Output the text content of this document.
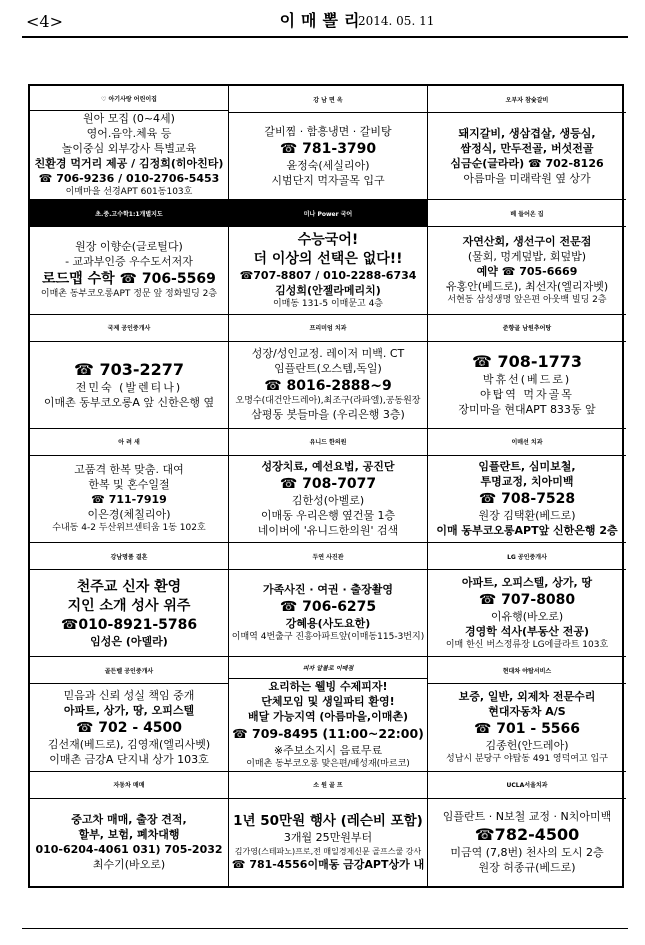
<4>	이매뽈리
2014. 05. 11
♡ 아기사랑 어린이집
원아 모집 (0~4세)
영어.음악.체육 등
놀이중심 외부강사 특별교육
친환경 먹거리 제공 / 김정희(히아친타)
☎ 706-9236 / 010-2706-5453
이매마을 선경APT 601동103호
강 남 면 옥
갈비찜 · 함흥냉면 · 갈비탕
☎ 781-3790
윤정숙(세실리아)
시범단지 먹자골목 입구
오부자 참숯갈비
돼지갈비, 생삼겹살, 생등심,
쌈정식, 만두전골, 버섯전골
심금순(글라라) ☎ 702-8126
아름마을 미래락원 옆 상가
초.중.고수학1:1개별지도
원장 이향순(글로틸다)
- 교과부인증 우수도서저자
로드맵 수학 ☎ 706-5569
이매촌 동부코오롱APT 정문 앞 정화빌딩 2층
미나 Power 국어
수능국어!
더 이상의 선택은 없다!!
☎707-8807 / 010-2288-6734
김성희(안젤라메리치)
이매동 131-5 이매문고 4층
베 들어온 집
자연산회, 생선구이 전문점
(물회, 멍게덮밥, 회덮밥)
예약 ☎ 705-6669
유홍안(베드로), 최선자(엘리자벳)
서현동 삼성생명 앞은편 아웃백 빌딩 2층
국제 공인중개사
☎ 703-2277
전민숙 (발렌티나)
이매촌 동부코오롱A 앞 신한은행 옆
프리미엄 치과
성장/성인교정. 레이저 미백. CT
임플란트(오스템,독일)
☎ 8016-2888~9
오명수(대건안드레아),최조구(라파엘),공동원장
삼평동 봇들마을 (우리은행 3층)
준향골 남원추어탕
☎ 708-1773
박휴선(베드로)
야탑역 먹자골목
장미마을 현대APT 833동 앞
아 려 새
고품격 한복 맞춤. 대여
한복 및 혼수일절
☎ 711-7919
이은경(체칠리아)
수내동 4-2 두산위브센티움 1동 102호
유니드 한의원
성장치료, 예선요법, 공진단
☎ 708-7077
김한성(아벨로)
이매동 우리은행 옆건물 1층
네이버에 '유니드한의원' 검색
이매선 치과
임플란트, 심미보철,
투명교정, 치아미백
☎ 708-7528
원장 김택환(베드로)
이매 동부코오롱APT앞 신한은행 2층
강남명품 결혼
천주교 신자 환영
지인 소개 성사 위주
☎010-8921-5786
임성은 (아델라)
두연 사진관
가족사진 · 여권 · 출장촬영
☎ 706-6275
강혜용(사도요한)
이매역 4번출구 진흥아파트앞(이매동115-3번지)
LG 공인중개사
아파트, 오피스텔, 상가, 땅
☎ 707-8080
이유행(바오로)
경영학 석사(부동산 전공)
이매 한신 버스정류장 LG에클라트 103호
골든벨 공인중개사
믿음과 신뢰 성실 책임 중개
아파트, 상가, 땅, 오피스텔
☎ 702 - 4500
김선재(베드로), 김영재(엘리사벳)
이매촌 금강A 단지내 상가 103호
피자 알볼로 이매점
요리하는 웰빙 수제피자!
단체모임 및 생일파티 환영!
배달 가능지역 (아름마을,이매촌)
☎ 709-8495 (11:00~22:00)
※주보소지시 음료무료
이매촌 동부코오롱 맞은편/배성재(마르코)
현대차 야탑서비스
보증, 일반, 외제차 전문수리
현대자동차 A/S
☎ 701 - 5566
김종헌(안드레아)
성남시 분당구 야탑동 491 영덕여고 입구
자동차 매매
중고차 매매, 출장 견적,
할부, 보험, 폐차대행
010-6204-4061 031) 705-2032
최수기(바오로)
소 원 골 프
1년 50만원 행사 (레슨비 포함)
3개월 25만원부터
김가영(스테파노)프로,전 매일경제신문 골프스쿨 강사
☎ 781-4556이매동 금강APT상가 내
UCLA서울치과
임플란트 · N보철 교정 · N치아미백
☎782-4500
미금역 (7,8번) 천사의 도시 2층
원장 허종규(베드로)
